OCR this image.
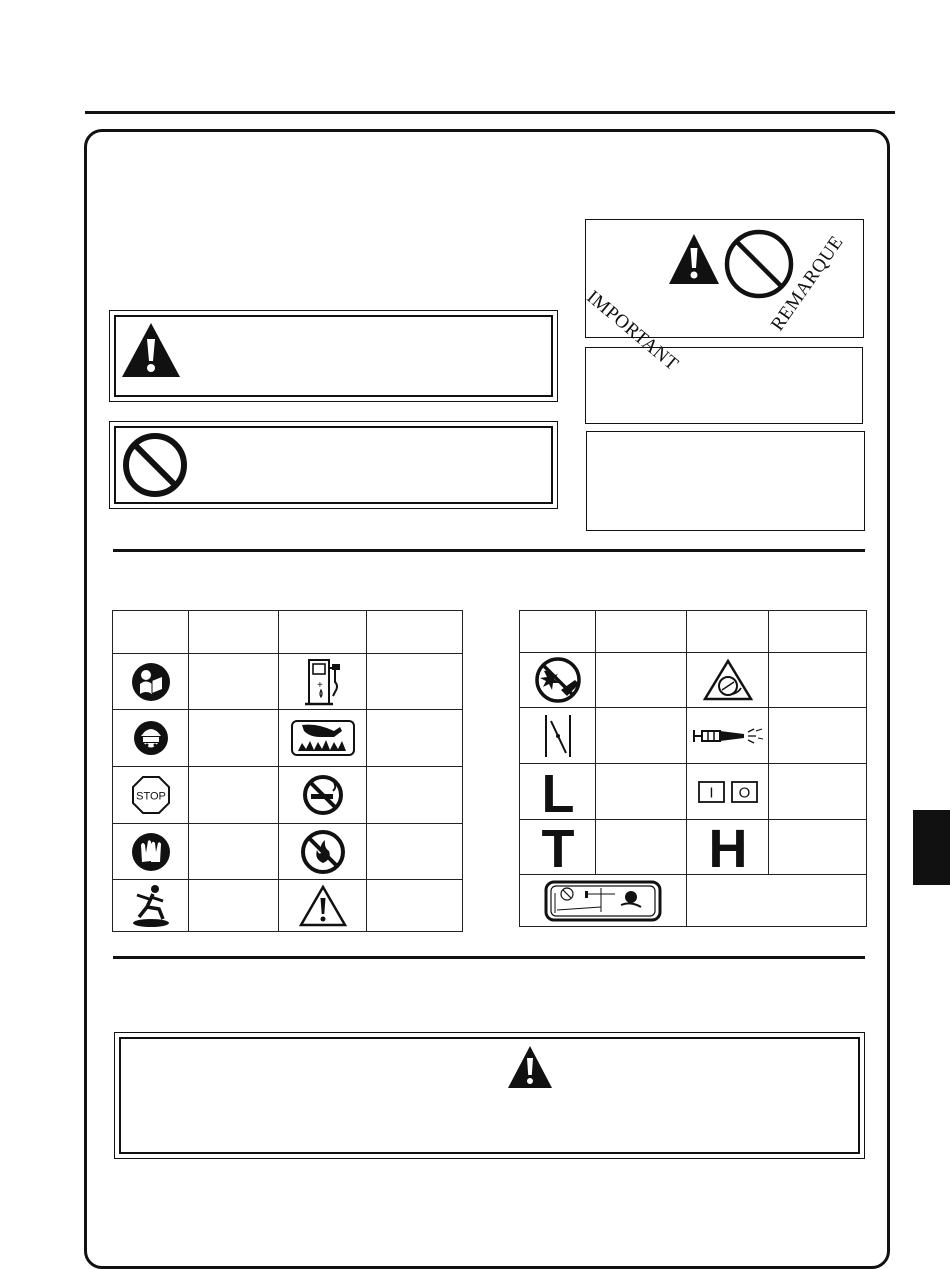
IMPORTANT	REMARQUE

+	

STOP

		L		I O	

T		H	
